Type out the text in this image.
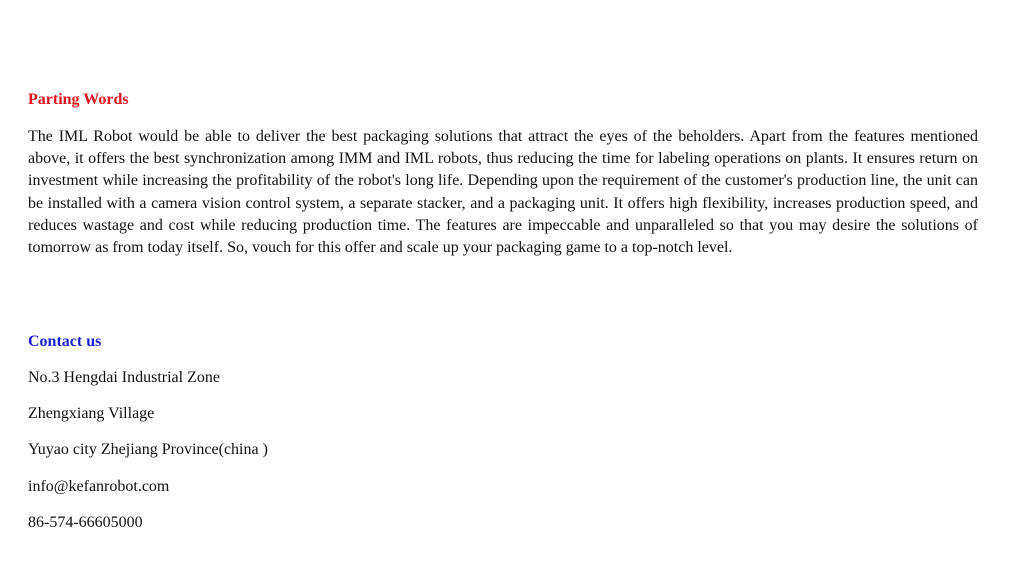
Parting Words

The IML Robot would be able to deliver the best packaging solutions that attract the eyes of the beholders. Apart from the features mentioned above, it offers the best synchronization among IMM and IML robots, thus reducing the time for labeling operations on plants. It ensures return on investment while increasing the profitability of the robot's long life. Depending upon the requirement of the customer's production line, the unit can be installed with a camera vision control system, a separate stacker, and a packaging unit. It offers high flexibility, increases production speed, and reduces wastage and cost while reducing production time. The features are impeccable and unparalleled so that you may desire the solutions of tomorrow as from today itself. So, vouch for this offer and scale up your packaging game to a top-notch level.

Contact us

No.3 Hengdai Industrial Zone

Zhengxiang Village

Yuyao city Zhejiang Province(china )

info@kefanrobot.com

86-574-66605000
